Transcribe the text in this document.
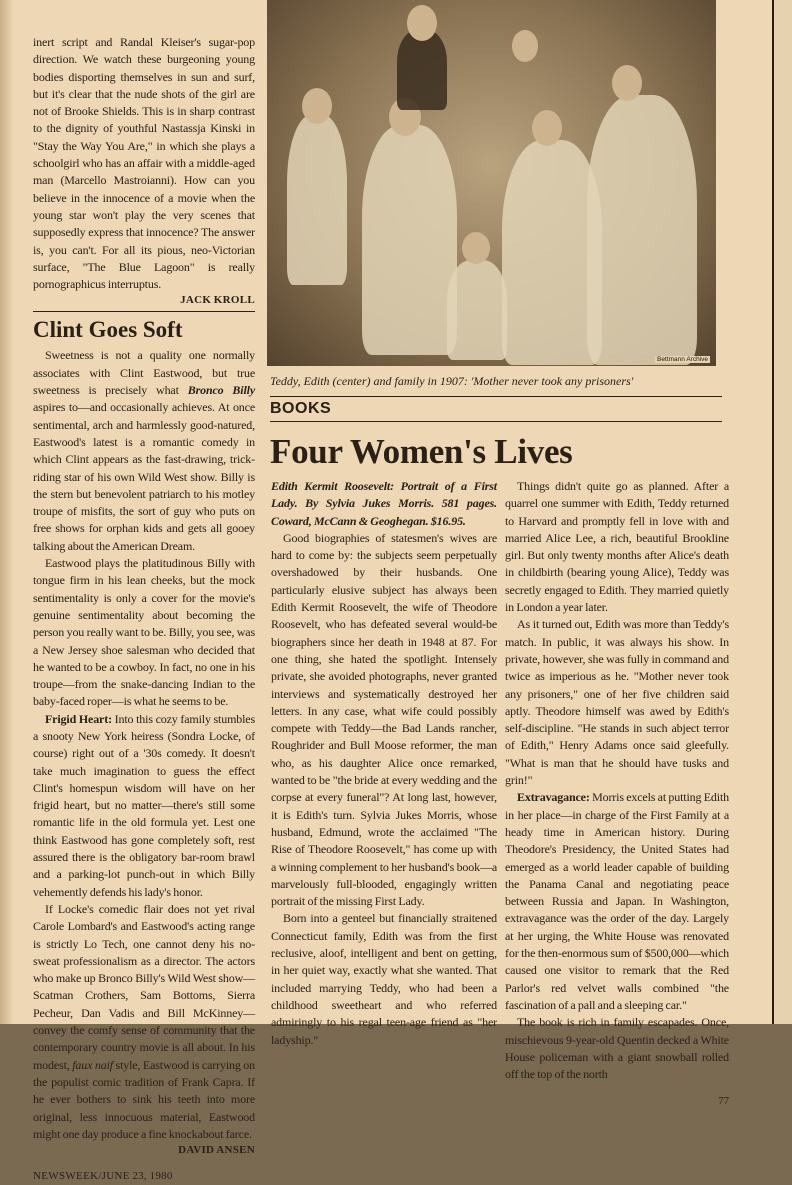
inert script and Randal Kleiser's sugar-pop direction. We watch these burgeoning young bodies disporting themselves in sun and surf, but it's clear that the nude shots of the girl are not of Brooke Shields. This is in sharp contrast to the dignity of youthful Nastassja Kinski in "Stay the Way You Are," in which she plays a schoolgirl who has an affair with a middle-aged man (Marcello Mastroianni). How can you believe in the innocence of a movie when the young star won't play the very scenes that supposedly express that innocence? The answer is, you can't. For all its pious, neo-Victorian surface, "The Blue Lagoon" is really pornographicus interruptus.

JACK KROLL
Clint Goes Soft

Sweetness is not a quality one normally associates with Clint Eastwood, but true sweetness is precisely what Bronco Billy aspires to—and occasionally achieves. At once sentimental, arch and harmlessly good-natured, Eastwood's latest is a romantic comedy in which Clint appears as the fast-drawing, trick-riding star of his own Wild West show. Billy is the stern but benevolent patriarch to his motley troupe of misfits, the sort of guy who puts on free shows for orphan kids and gets all gooey talking about the American Dream.

Eastwood plays the platitudinous Billy with tongue firm in his lean cheeks, but the mock sentimentality is only a cover for the movie's genuine sentimentality about becoming the person you really want to be. Billy, you see, was a New Jersey shoe salesman who decided that he wanted to be a cowboy. In fact, no one in his troupe—from the snake-dancing Indian to the baby-faced roper—is what he seems to be.

Frigid Heart: Into this cozy family stumbles a snooty New York heiress (Sondra Locke, of course) right out of a '30s comedy. It doesn't take much imagination to guess the effect Clint's homespun wisdom will have on her frigid heart, but no matter—there's still some romantic life in the old formula yet. Lest one think Eastwood has gone completely soft, rest assured there is the obligatory bar-room brawl and a parking-lot punch-out in which Billy vehemently defends his lady's honor.

If Locke's comedic flair does not yet rival Carole Lombard's and Eastwood's acting range is strictly Lo Tech, one cannot deny his no-sweat professionalism as a director. The actors who make up Bronco Billy's Wild West show—Scatman Crothers, Sam Bottoms, Sierra Pecheur, Dan Vadis and Bill McKinney—convey the comfy sense of community that the contemporary country movie is all about. In his modest, faux naif style, Eastwood is carrying on the populist comic tradition of Frank Capra. If he ever bothers to sink his teeth into more original, less innocuous material, Eastwood might one day produce a fine knockabout farce.

DAVID ANSEN
NEWSWEEK/JUNE 23, 1980
Bettmann Archive
Teddy, Edith (center) and family in 1907: 'Mother never took any prisoners'
BOOKS
Four Women's Lives

Edith Kermit Roosevelt: Portrait of a First Lady. By Sylvia Jukes Morris. 581 pages. Coward, McCann & Geoghegan. $16.95.

Good biographies of statesmen's wives are hard to come by: the subjects seem perpetually overshadowed by their husbands. One particularly elusive subject has always been Edith Kermit Roosevelt, the wife of Theodore Roosevelt, who has defeated several would-be biographers since her death in 1948 at 87. For one thing, she hated the spotlight. Intensely private, she avoided photographs, never granted interviews and systematically destroyed her letters. In any case, what wife could possibly compete with Teddy—the Bad Lands rancher, Roughrider and Bull Moose reformer, the man who, as his daughter Alice once remarked, wanted to be "the bride at every wedding and the corpse at every funeral"? At long last, however, it is Edith's turn. Sylvia Jukes Morris, whose husband, Edmund, wrote the acclaimed "The Rise of Theodore Roosevelt," has come up with a winning complement to her husband's book—a marvelously full-blooded, engagingly written portrait of the missing First Lady.

Born into a genteel but financially straitened Connecticut family, Edith was from the first reclusive, aloof, intelligent and bent on getting, in her quiet way, exactly what she wanted. That included marrying Teddy, who had been a childhood sweetheart and who referred admiringly to his regal teen-age friend as "her ladyship."

Things didn't quite go as planned. After a quarrel one summer with Edith, Teddy returned to Harvard and promptly fell in love with and married Alice Lee, a rich, beautiful Brookline girl. But only twenty months after Alice's death in childbirth (bearing young Alice), Teddy was secretly engaged to Edith. They married quietly in London a year later.

As it turned out, Edith was more than Teddy's match. In public, it was always his show. In private, however, she was fully in command and twice as imperious as he. "Mother never took any prisoners," one of her five children said aptly. Theodore himself was awed by Edith's self-discipline. "He stands in such abject terror of Edith," Henry Adams once said gleefully. "What is man that he should have tusks and grin!"

Extravagance: Morris excels at putting Edith in her place—in charge of the First Family at a heady time in American history. During Theodore's Presidency, the United States had emerged as a world leader capable of building the Panama Canal and negotiating peace between Russia and Japan. In Washington, extravagance was the order of the day. Largely at her urging, the White House was renovated for the then-enormous sum of $500,000—which caused one visitor to remark that the Red Parlor's red velvet walls combined "the fascination of a pall and a sleeping car."

The book is rich in family escapades. Once, mischievous 9-year-old Quentin decked a White House policeman with a giant snowball rolled off the top of the north

77
